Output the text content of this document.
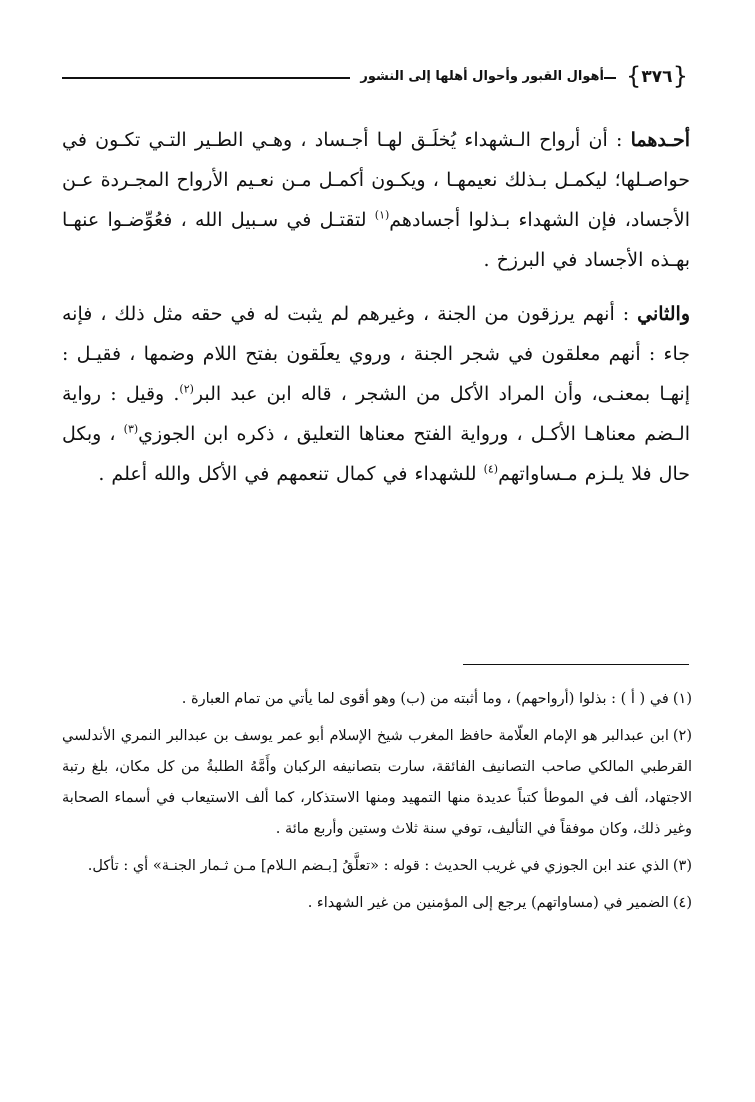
{ ٣٧٦ }
أهوال القبور وأحوال أهلها إلى النشور

أحـدهما : أن أرواح الـشهداء يُخلَـق لهـا أجـساد ، وهـي الطـير التـي تكـون في حواصـلها؛ ليكمـل بـذلك نعيمهـا ، ويكـون أكمـل مـن نعـيم الأرواح المجـردة عـن الأجساد، فإن الشهداء بـذلوا أجسادهم$^{(١)}$ لتقتـل في سـبيل الله ، فعُوِّضـوا عنهـا بهـذه الأجساد في البرزخ .

والثاني : أنهم يرزقون من الجنة ، وغيرهم لم يثبت له في حقه مثل ذلك ، فإنه جاء : أنهم معلقون في شجر الجنة ، وروي يعلَقون بفتح اللام وضمها ، فقيـل : إنهـا بمعنـى، وأن المراد الأكل من الشجر ، قاله ابن عبد البر$^{(٢)}$. وقيل : رواية الـضم معناهـا الأكـل ، ورواية الفتح معناها التعليق ، ذكره ابن الجوزي$^{(٣)}$ ، وبكل حال فلا يلـزم مـساواتهم$^{(٤)}$ للشهداء في كمال تنعمهم في الأكل والله أعلم .

(١)في ( أ ) : بذلوا (أرواحهم) ، وما أثبته من (ب) وهو أقوى لما يأتي من تمام العبارة .

(٢)ابن عبدالبر هو الإمام العلّامة حافظ المغرب شيخ الإسلام أبو عمر يوسف بن عبدالبر النمري الأندلسي القرطبي المالكي صاحب التصانيف الفائقة، سارت بتصانيفه الركبان وأَمَّهُ الطلبةُ من كل مكان، بلغ رتبة الاجتهاد، ألف في الموطأ كتباً عديدة منها التمهيد ومنها الاستذكار، كما ألف الاستيعاب في أسماء الصحابة وغير ذلك، وكان موفقاً في التأليف، توفي سنة ثلاث وستين وأربع مائة .

(٣)الذي عند ابن الجوزي في غريب الحديث : قوله : «تعلَّقُ [بـضم الـلام] مـن ثـمار الجنـة» أي : تأكل.

(٤)الضمير في (مساواتهم) يرجع إلى المؤمنين من غير الشهداء .
